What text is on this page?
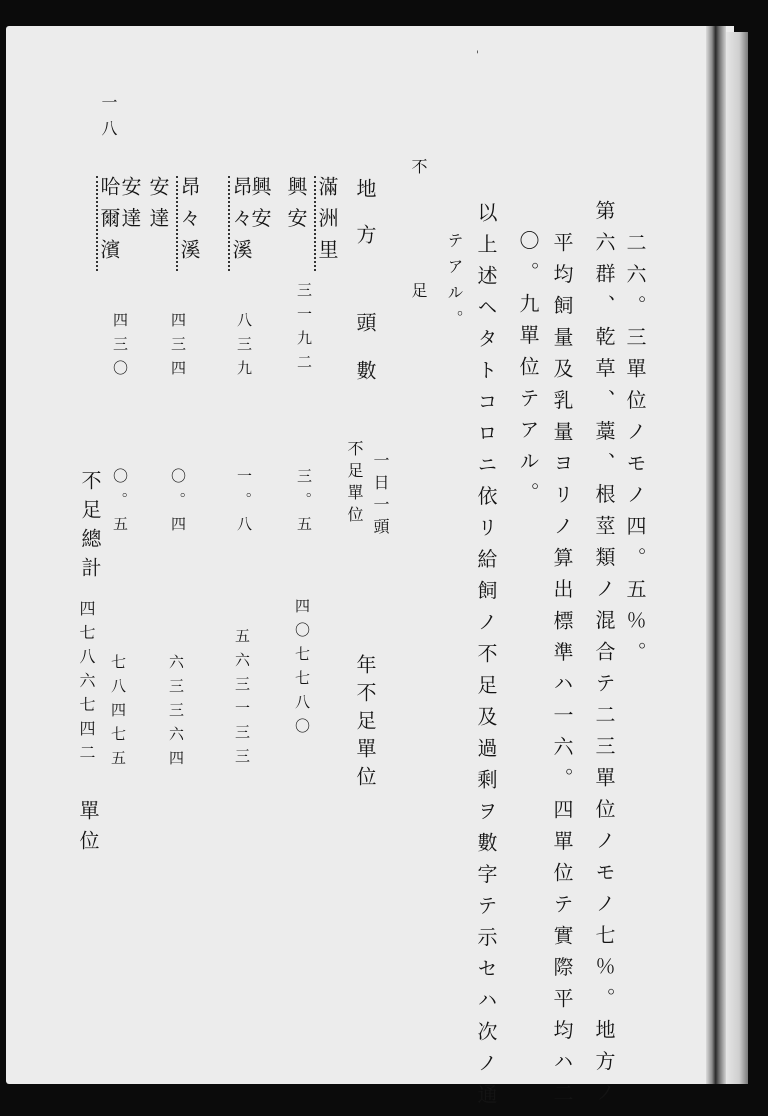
'

一八

二六。三單位ノモノ四。五％。

第六群、乾草、藁、根莖類ノ混合テ二三單位ノモノ七％。地方ノ

平均飼量及乳量ヨリノ算出標準ハ一六。四單位テ實際平均ハ二

〇。九單位テアル。

以上述ヘタトコロニ依リ給飼ノ不足及過剩ヲ數字テ示セハ次ノ通

テアル。

不　足

地方

頭數

一日一頭

不足單位

年不足單位

滿洲里

興安

三一九二

三。五

四〇七七八〇

興安

昂々溪

八三九

一。八

五六三一三三

昂々溪

安達

四三四

〇。四

六三三六四

安達

哈爾濱

四三〇

〇。五

七八四七五

不足總計

四七八六七四二

單位
